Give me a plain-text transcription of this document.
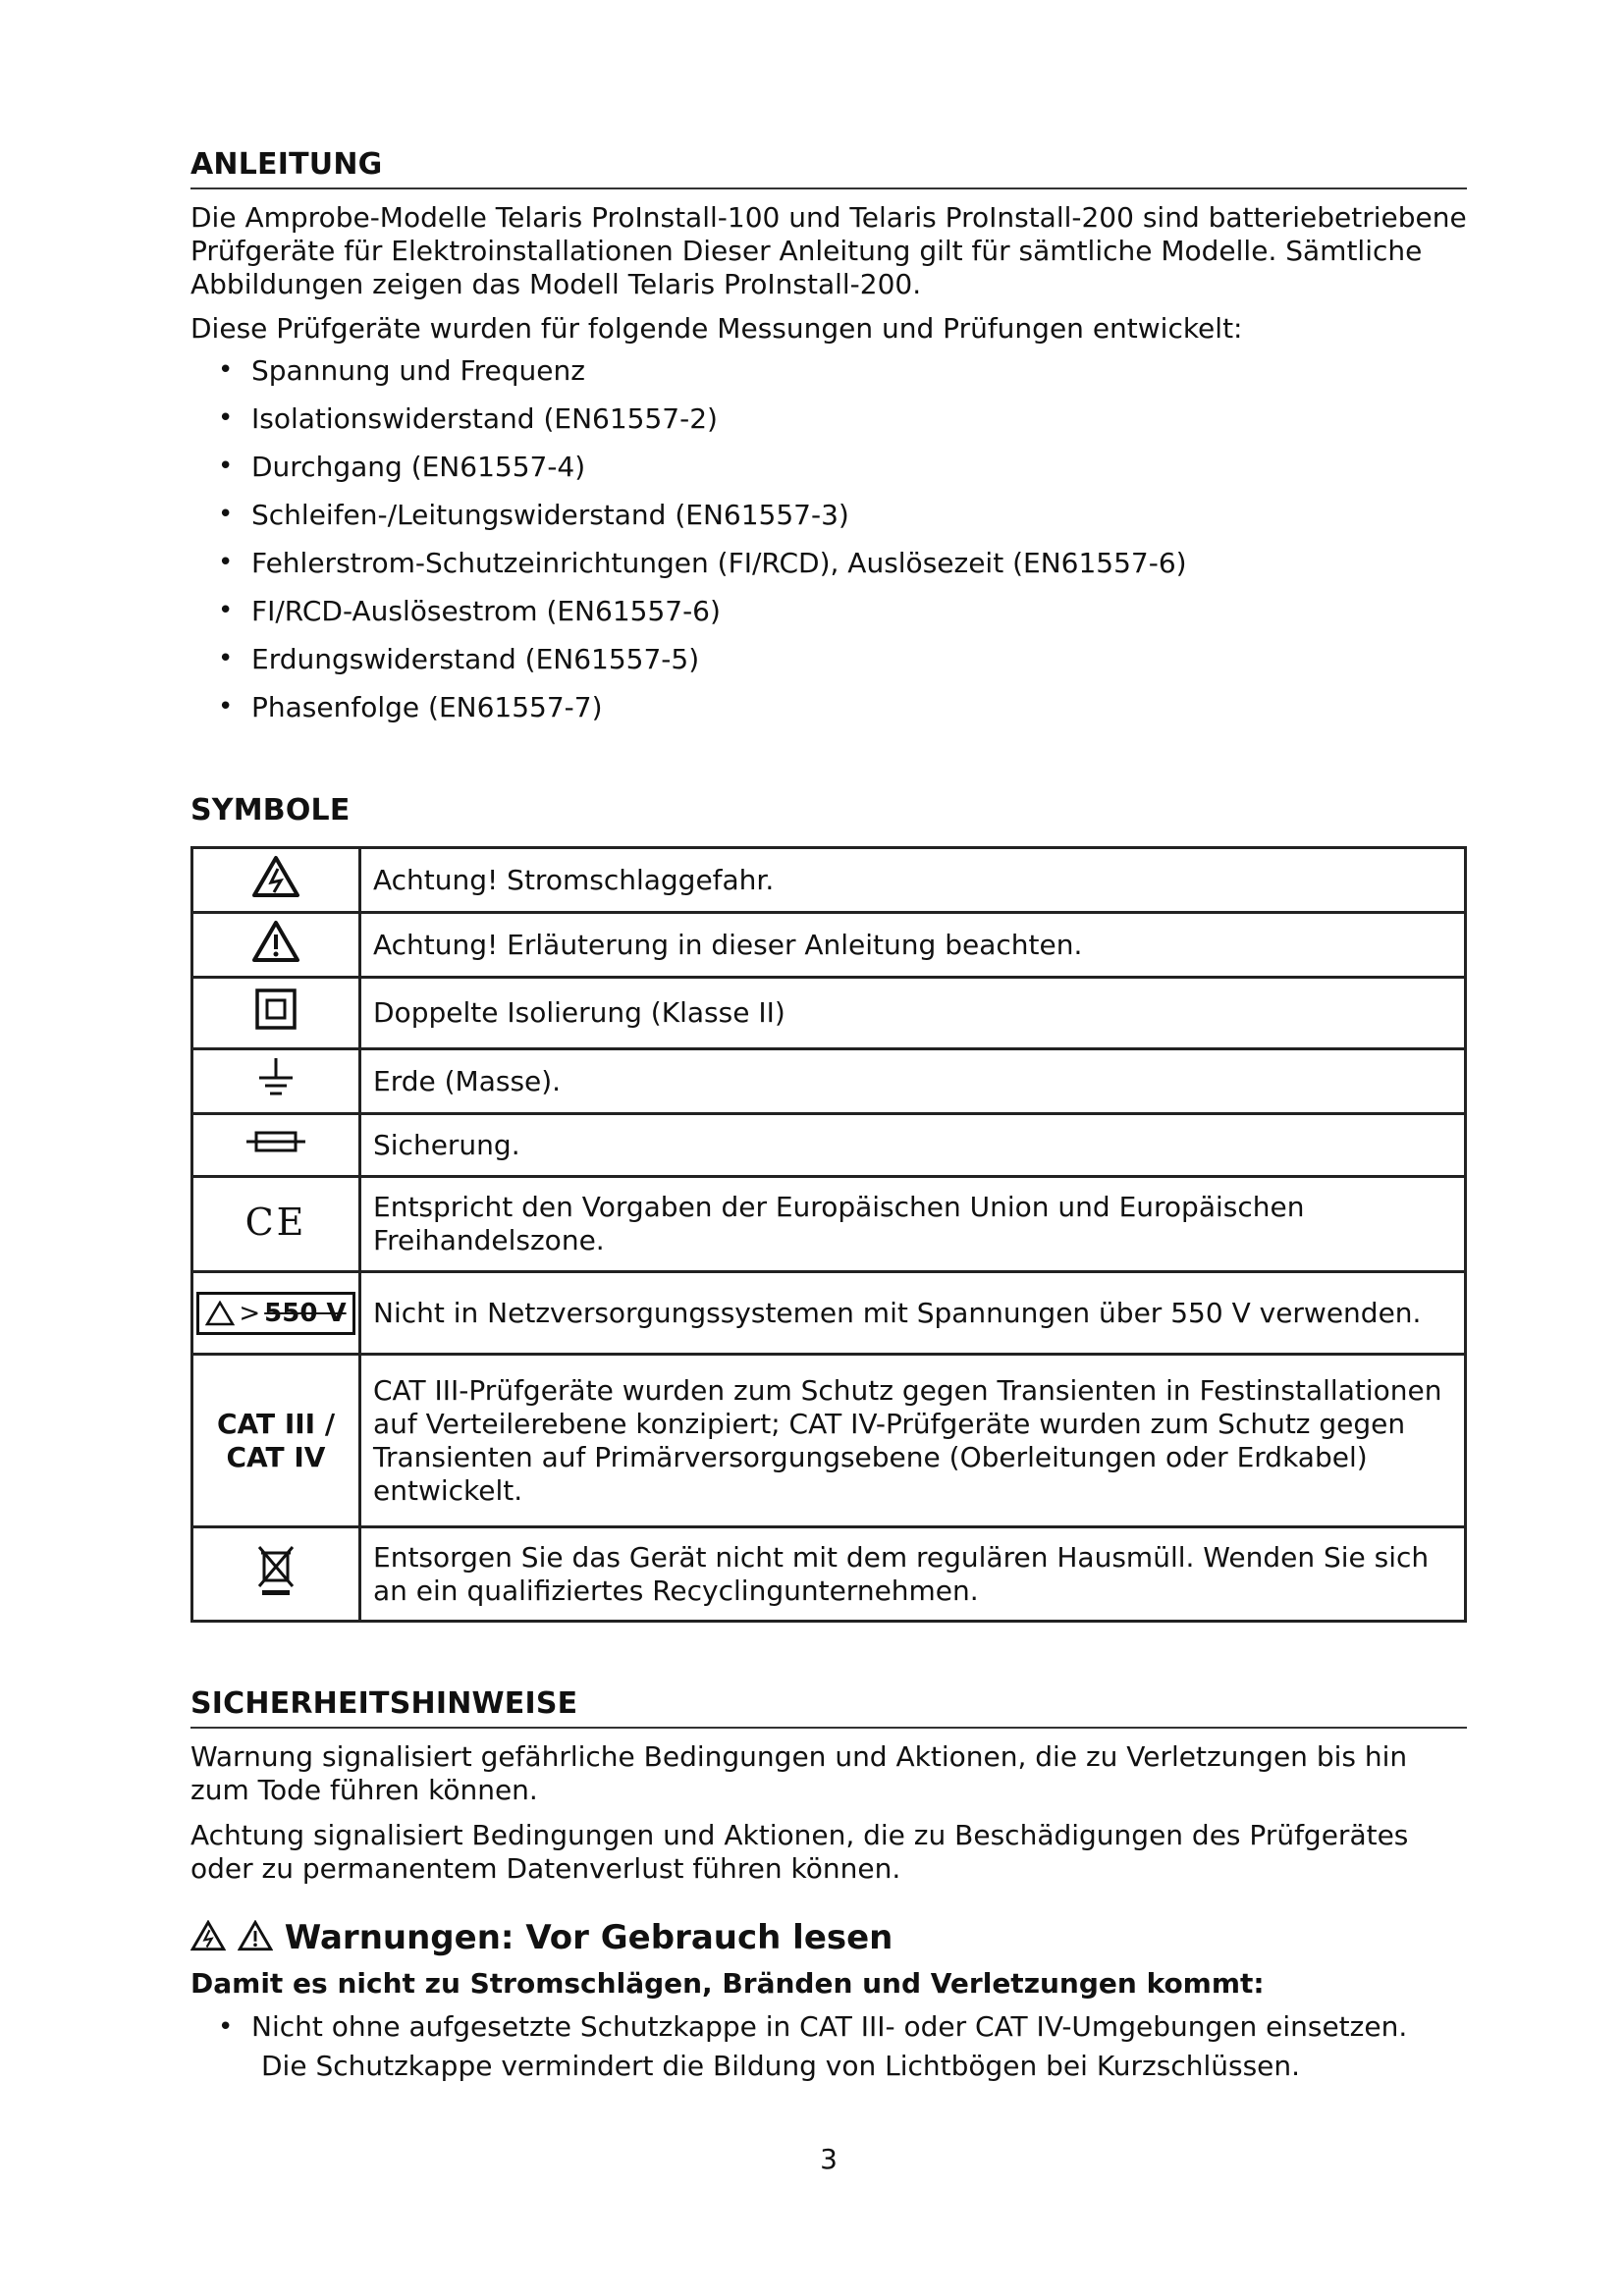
ANLEITUNG

Die Amprobe-Modelle Telaris ProInstall-100 und Telaris ProInstall-200 sind batteriebetriebene Prüfgeräte für Elektroinstallationen Dieser Anleitung gilt für sämtliche Modelle. Sämtliche Abbildungen zeigen das Modell Telaris ProInstall-200.

Diese Prüfgeräte wurden für folgende Messungen und Prüfungen entwickelt:

• Spannung und Frequenz
• Isolationswiderstand (EN61557-2)
• Durchgang (EN61557-4)
• Schleifen-/Leitungswiderstand (EN61557-3)
• Fehlerstrom-Schutzeinrichtungen (FI/RCD), Auslösezeit (EN61557-6)
• FI/RCD-Auslösestrom (EN61557-6)
• Erdungswiderstand (EN61557-5)
• Phasenfolge (EN61557-7)
SYMBOLE
	Achtung! Stromschlaggefahr.
	Achtung! Erläuterung in dieser Anleitung beachten.
	Doppelte Isolierung (Klasse II)
	Erde (Masse).
	Sicherung.
CE	Entspricht den Vorgaben der Europäischen Union und Europäischen Freihandelszone.

> 550 V	Nicht in Netzversorgungssystemen mit Spannungen über 550 V verwenden.

CAT III /
CAT IV	CAT III-Prüfgeräte wurden zum Schutz gegen Transienten in Festinstallationen auf Verteilerebene konzipiert; CAT IV-Prüfgeräte wurden zum Schutz gegen Transienten auf Primärversorgungsebene (Oberleitungen oder Erdkabel) entwickelt.
	Entsorgen Sie das Gerät nicht mit dem regulären Hausmüll. Wenden Sie sich an ein qualifiziertes Recyclingunternehmen.
SICHERHEITSHINWEISE

Warnung signalisiert gefährliche Bedingungen und Aktionen, die zu Verletzungen bis hin zum Tode führen können.

Achtung signalisiert Bedingungen und Aktionen, die zu Beschädigungen des Prüfgerätes oder zu permanentem Datenverlust führen können.

Warnungen: Vor Gebrauch lesen
Damit es nicht zu Stromschlägen, Bränden und Verletzungen kommt:
• Nicht ohne aufgesetzte Schutzkappe in CAT III- oder CAT IV-Umgebungen einsetzen.
Die Schutzkappe vermindert die Bildung von Lichtbögen bei Kurzschlüssen.
3
